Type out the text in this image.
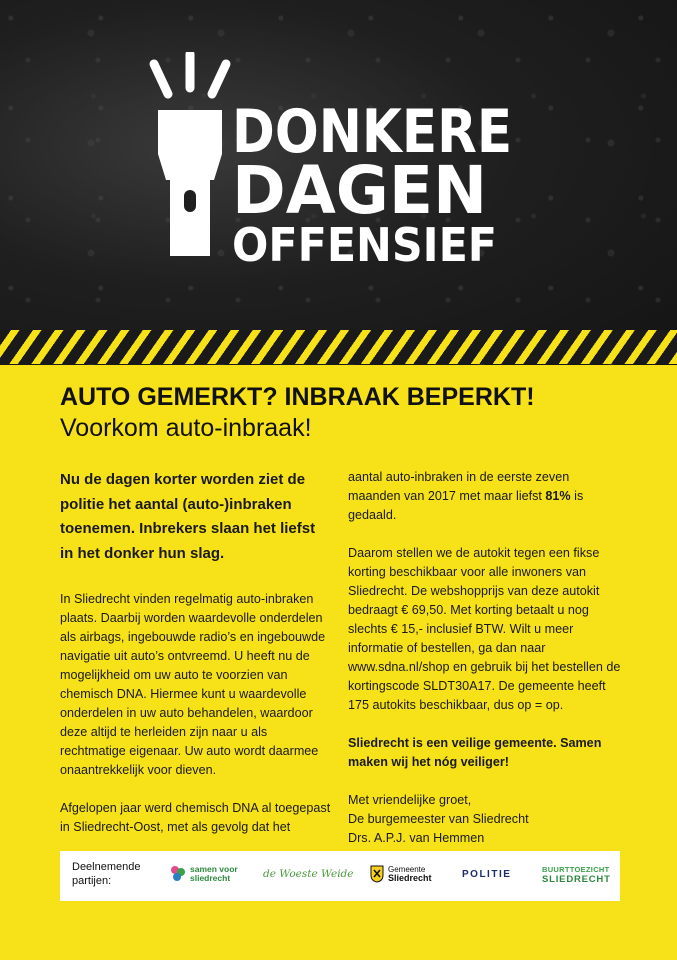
DONKERE
DAGEN
OFFENSIEF
AUTO GEMERKT? INBRAAK BEPERKT!
Voorkom auto-inbraak!

Nu de dagen korter worden ziet de politie het aantal (auto-)inbraken toenemen. Inbrekers slaan het liefst in het donker hun slag.

In Sliedrecht vinden regelmatig auto-inbraken plaats. Daarbij worden waardevolle onderdelen als airbags, ingebouwde radio’s en ingebouwde navigatie uit auto’s ontvreemd. U heeft nu de mogelijkheid om uw auto te voorzien van chemisch DNA. Hiermee kunt u waardevolle onderdelen in uw auto behandelen, waardoor deze altijd te herleiden zijn naar u als rechtmatige eigenaar. Uw auto wordt daarmee onaantrekkelijk voor dieven.

Afgelopen jaar werd chemisch DNA al toegepast in Sliedrecht-Oost, met als gevolg dat het

aantal auto-inbraken in de eerste zeven maanden van 2017 met maar liefst 81% is gedaald.

Daarom stellen we de autokit tegen een fikse korting beschikbaar voor alle inwoners van Sliedrecht. De webshopprijs van deze autokit bedraagt € 69,50. Met korting betaalt u nog slechts € 15,- inclusief BTW. Wilt u meer informatie of bestellen, ga dan naar www.sdna.nl/shop en gebruik bij het bestellen de kortingscode SLDT30A17. De gemeente heeft 175 autokits beschikbaar, dus op = op.

Sliedrecht is een veilige gemeente. Samen maken wij het nóg veiliger!

Met vriendelijke groet,
De burgemeester van Sliedrecht
Drs. A.P.J. van Hemmen

Deelnemende
partijen:
samen voor
sliedrecht	de Woeste Weide	Gemeente
Sliedrecht	POLITIE	BUURTTOEZICHT
SLIEDRECHT
